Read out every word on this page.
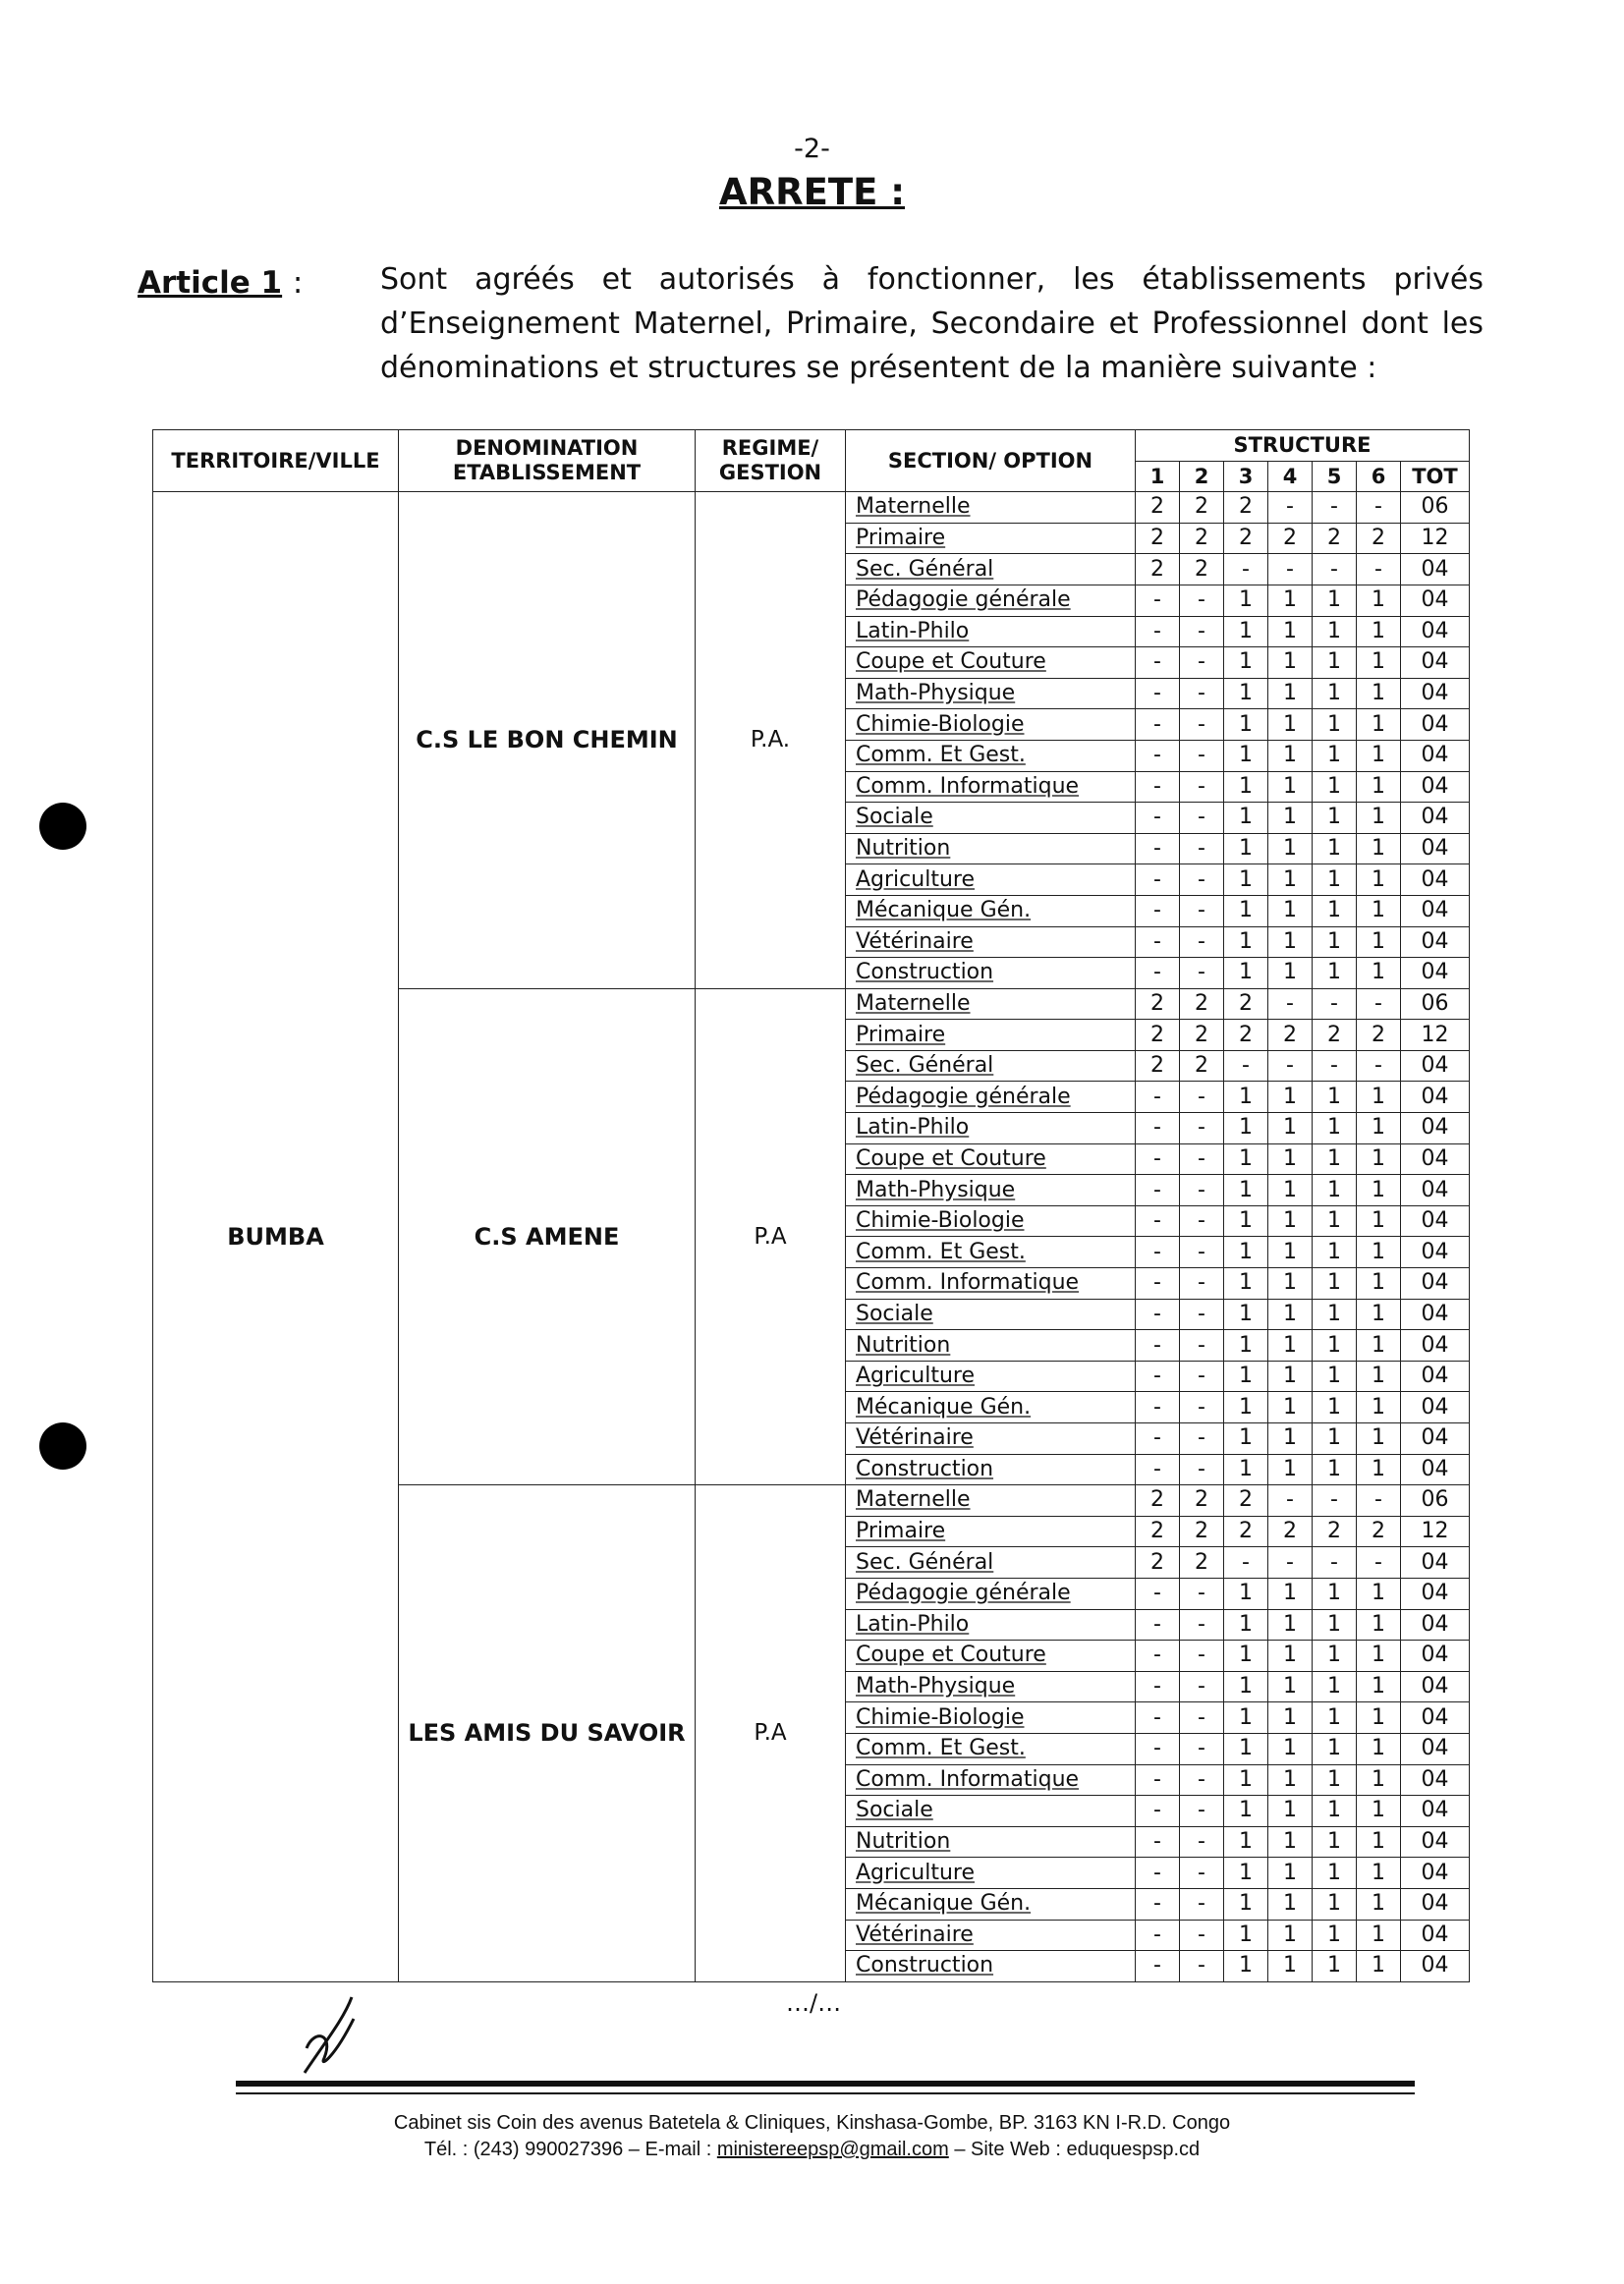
-2-
ARRETE :
Article 1 :	Sont agréés et autorisés à fonctionner, les établissements privés d’Enseignement Maternel, Primaire, Secondaire et Professionnel dont les dénominations et structures se présentent de la manière suivante :
TERRITOIRE/VILLE	DENOMINATION ETABLISSEMENT	REGIME/ GESTION	SECTION/ OPTION	STRUCTURE						
				1	2	3	4	5	6	TOT
BUMBA	C.S LE BON CHEMIN	P.A.	Maternelle	2	2	2	-	-	-	06
			Primaire	2	2	2	2	2	2	12
			Sec. Général	2	2	-	-	-	-	04
			Pédagogie générale	-	-	1	1	1	1	04
			Latin-Philo	-	-	1	1	1	1	04
			Coupe et Couture	-	-	1	1	1	1	04
			Math-Physique	-	-	1	1	1	1	04
			Chimie-Biologie	-	-	1	1	1	1	04
			Comm. Et Gest.	-	-	1	1	1	1	04
			Comm. Informatique	-	-	1	1	1	1	04
			Sociale	-	-	1	1	1	1	04
			Nutrition	-	-	1	1	1	1	04
			Agriculture	-	-	1	1	1	1	04
			Mécanique Gén.	-	-	1	1	1	1	04
			Vétérinaire	-	-	1	1	1	1	04
			Construction	-	-	1	1	1	1	04
	C.S AMENE	P.A	Maternelle	2	2	2	-	-	-	06
			Primaire	2	2	2	2	2	2	12
			Sec. Général	2	2	-	-	-	-	04
			Pédagogie générale	-	-	1	1	1	1	04
			Latin-Philo	-	-	1	1	1	1	04
			Coupe et Couture	-	-	1	1	1	1	04
			Math-Physique	-	-	1	1	1	1	04
			Chimie-Biologie	-	-	1	1	1	1	04
			Comm. Et Gest.	-	-	1	1	1	1	04
			Comm. Informatique	-	-	1	1	1	1	04
			Sociale	-	-	1	1	1	1	04
			Nutrition	-	-	1	1	1	1	04
			Agriculture	-	-	1	1	1	1	04
			Mécanique Gén.	-	-	1	1	1	1	04
			Vétérinaire	-	-	1	1	1	1	04
			Construction	-	-	1	1	1	1	04
	LES AMIS DU SAVOIR	P.A	Maternelle	2	2	2	-	-	-	06
			Primaire	2	2	2	2	2	2	12
			Sec. Général	2	2	-	-	-	-	04
			Pédagogie générale	-	-	1	1	1	1	04
			Latin-Philo	-	-	1	1	1	1	04
			Coupe et Couture	-	-	1	1	1	1	04
			Math-Physique	-	-	1	1	1	1	04
			Chimie-Biologie	-	-	1	1	1	1	04
			Comm. Et Gest.	-	-	1	1	1	1	04
			Comm. Informatique	-	-	1	1	1	1	04
			Sociale	-	-	1	1	1	1	04
			Nutrition	-	-	1	1	1	1	04
			Agriculture	-	-	1	1	1	1	04
			Mécanique Gén.	-	-	1	1	1	1	04
			Vétérinaire	-	-	1	1	1	1	04
			Construction	-	-	1	1	1	1	04
…/…
Cabinet sis Coin des avenus Batetela & Cliniques, Kinshasa-Gombe, BP. 3163 KN I-R.D. Congo
Tél. : (243) 990027396 – E-mail : ministereepsp@gmail.com – Site Web : eduquespsp.cd
